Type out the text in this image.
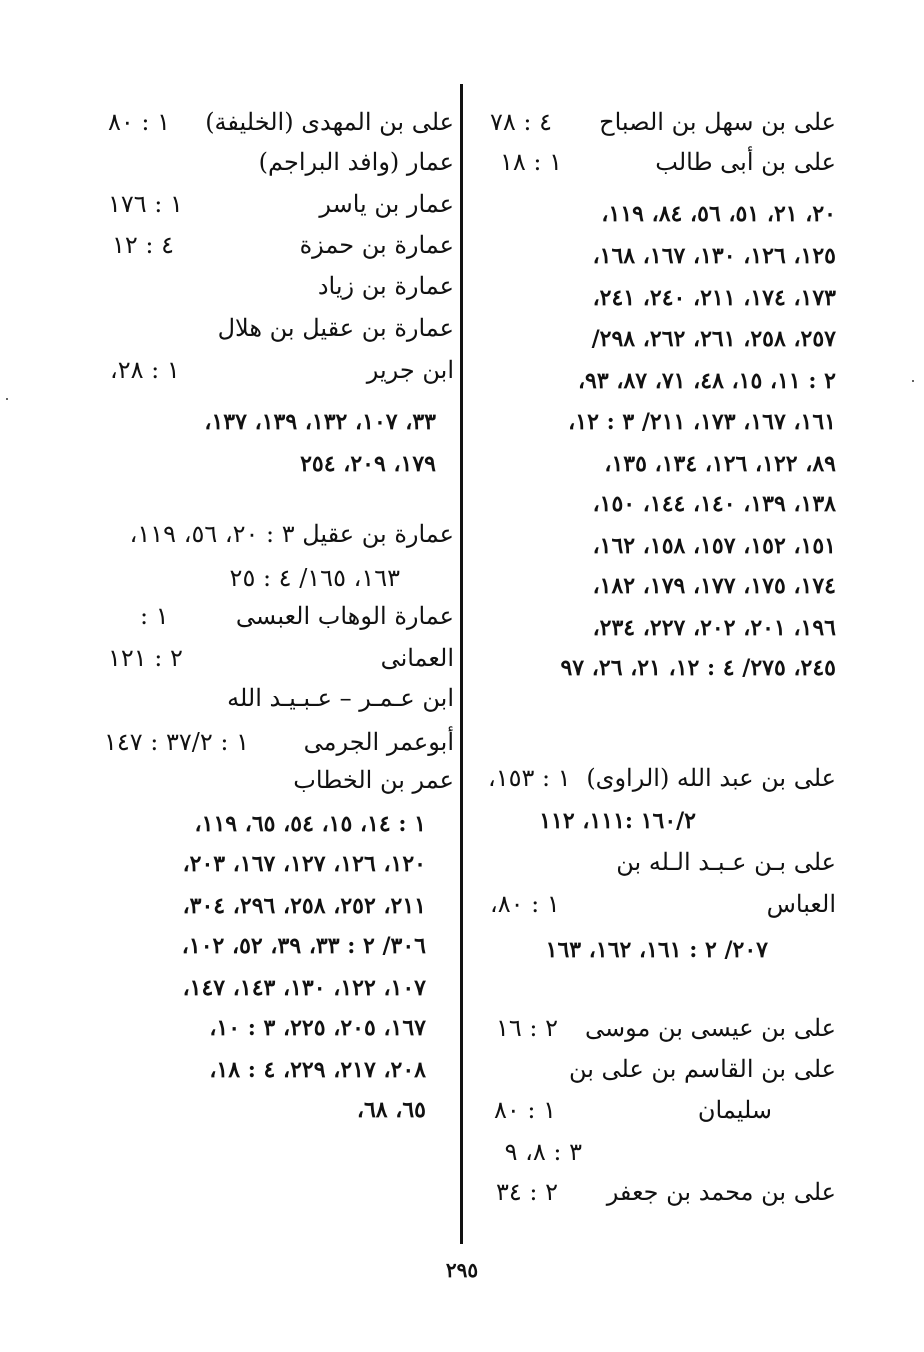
على بن سهل بن الصباح
٤ : ٧٨
على بن أبى طالب
١ : ١٨
٢٠، ٢١، ٥١، ٥٦، ٨٤، ١١٩،
١٢٥، ١٢٦، ١٣٠، ١٦٧، ١٦٨،
١٧٣، ١٧٤، ٢١١، ٢٤٠، ٢٤١،
٢٥٧، ٢٥٨، ٢٦١، ٢٦٢، ٢٩٨/
٢ : ١١، ١٥، ٤٨، ٧١، ٨٧، ٩٣،
١٦١، ١٦٧، ١٧٣، ٢١١/ ٣ : ١٢،
٨٩، ١٢٢، ١٢٦، ١٣٤، ١٣٥،
١٣٨، ١٣٩، ١٤٠، ١٤٤، ١٥٠،
١٥١، ١٥٢، ١٥٧، ١٥٨، ١٦٢،
١٧٤، ١٧٥، ١٧٧، ١٧٩، ١٨٢،
١٩٦، ٢٠١، ٢٠٢، ٢٢٧، ٢٣٤،
٢٤٥، ٢٧٥/ ٤ : ١٢، ٢١، ٢٦، ٩٧
على بن عبد الله (الراوى)
١ : ١٥٣،
١٦٠/٢ :١١١، ١١٢
على بـن عـبـد الـله بن
العباس
١ : ٨٠،
٢٠٧/ ٢ : ١٦١، ١٦٢، ١٦٣
على بن عيسى بن موسى
٢ : ١٦
على بن القاسم بن على بن
سليمان
١ : ٨٠
٣ : ٨، ٩
على بن محمد بن جعفر
٢ : ٣٤
على بن المهدى (الخليفة)
١ : ٨٠
عمار (وافد البراجم)
عمار بن ياسر
١ : ١٧٦
عمارة بن حمزة
٤ : ١٢
عمارة بن زياد
عمارة بن عقيل بن هلال
ابن جرير
١ : ٢٨،
٣٣، ١٠٧، ١٣٢، ١٣٩، ١٣٧،
١٧٩، ٢٠٩، ٢٥٤
عمارة بن عقيل ٣ : ٢٠، ٥٦، ١١٩،
١٦٣، ١٦٥/ ٤ : ٢٥
عمارة الوهاب العبسى
١ :
العمانى
٢ : ١٢١
ابن عـمـر – عـبـيـد الله
أبوعمر الجرمى
١ : ٣٧/٢ : ١٤٧
عمر بن الخطاب
١ : ١٤، ١٥، ٥٤، ٦٥، ١١٩،
١٢٠، ١٢٦، ١٢٧، ١٦٧، ٢٠٣،
٢١١، ٢٥٢، ٢٥٨، ٢٩٦، ٣٠٤،
٣٠٦/ ٢ : ٣٣، ٣٩، ٥٢، ١٠٢،
١٠٧، ١٢٢، ١٣٠، ١٤٣، ١٤٧،
١٦٧، ٢٠٥، ٢٢٥، ٣ : ١٠،
٢٠٨، ٢١٧، ٢٢٩، ٤ : ١٨،
٦٥، ٦٨،
٢٩٥
